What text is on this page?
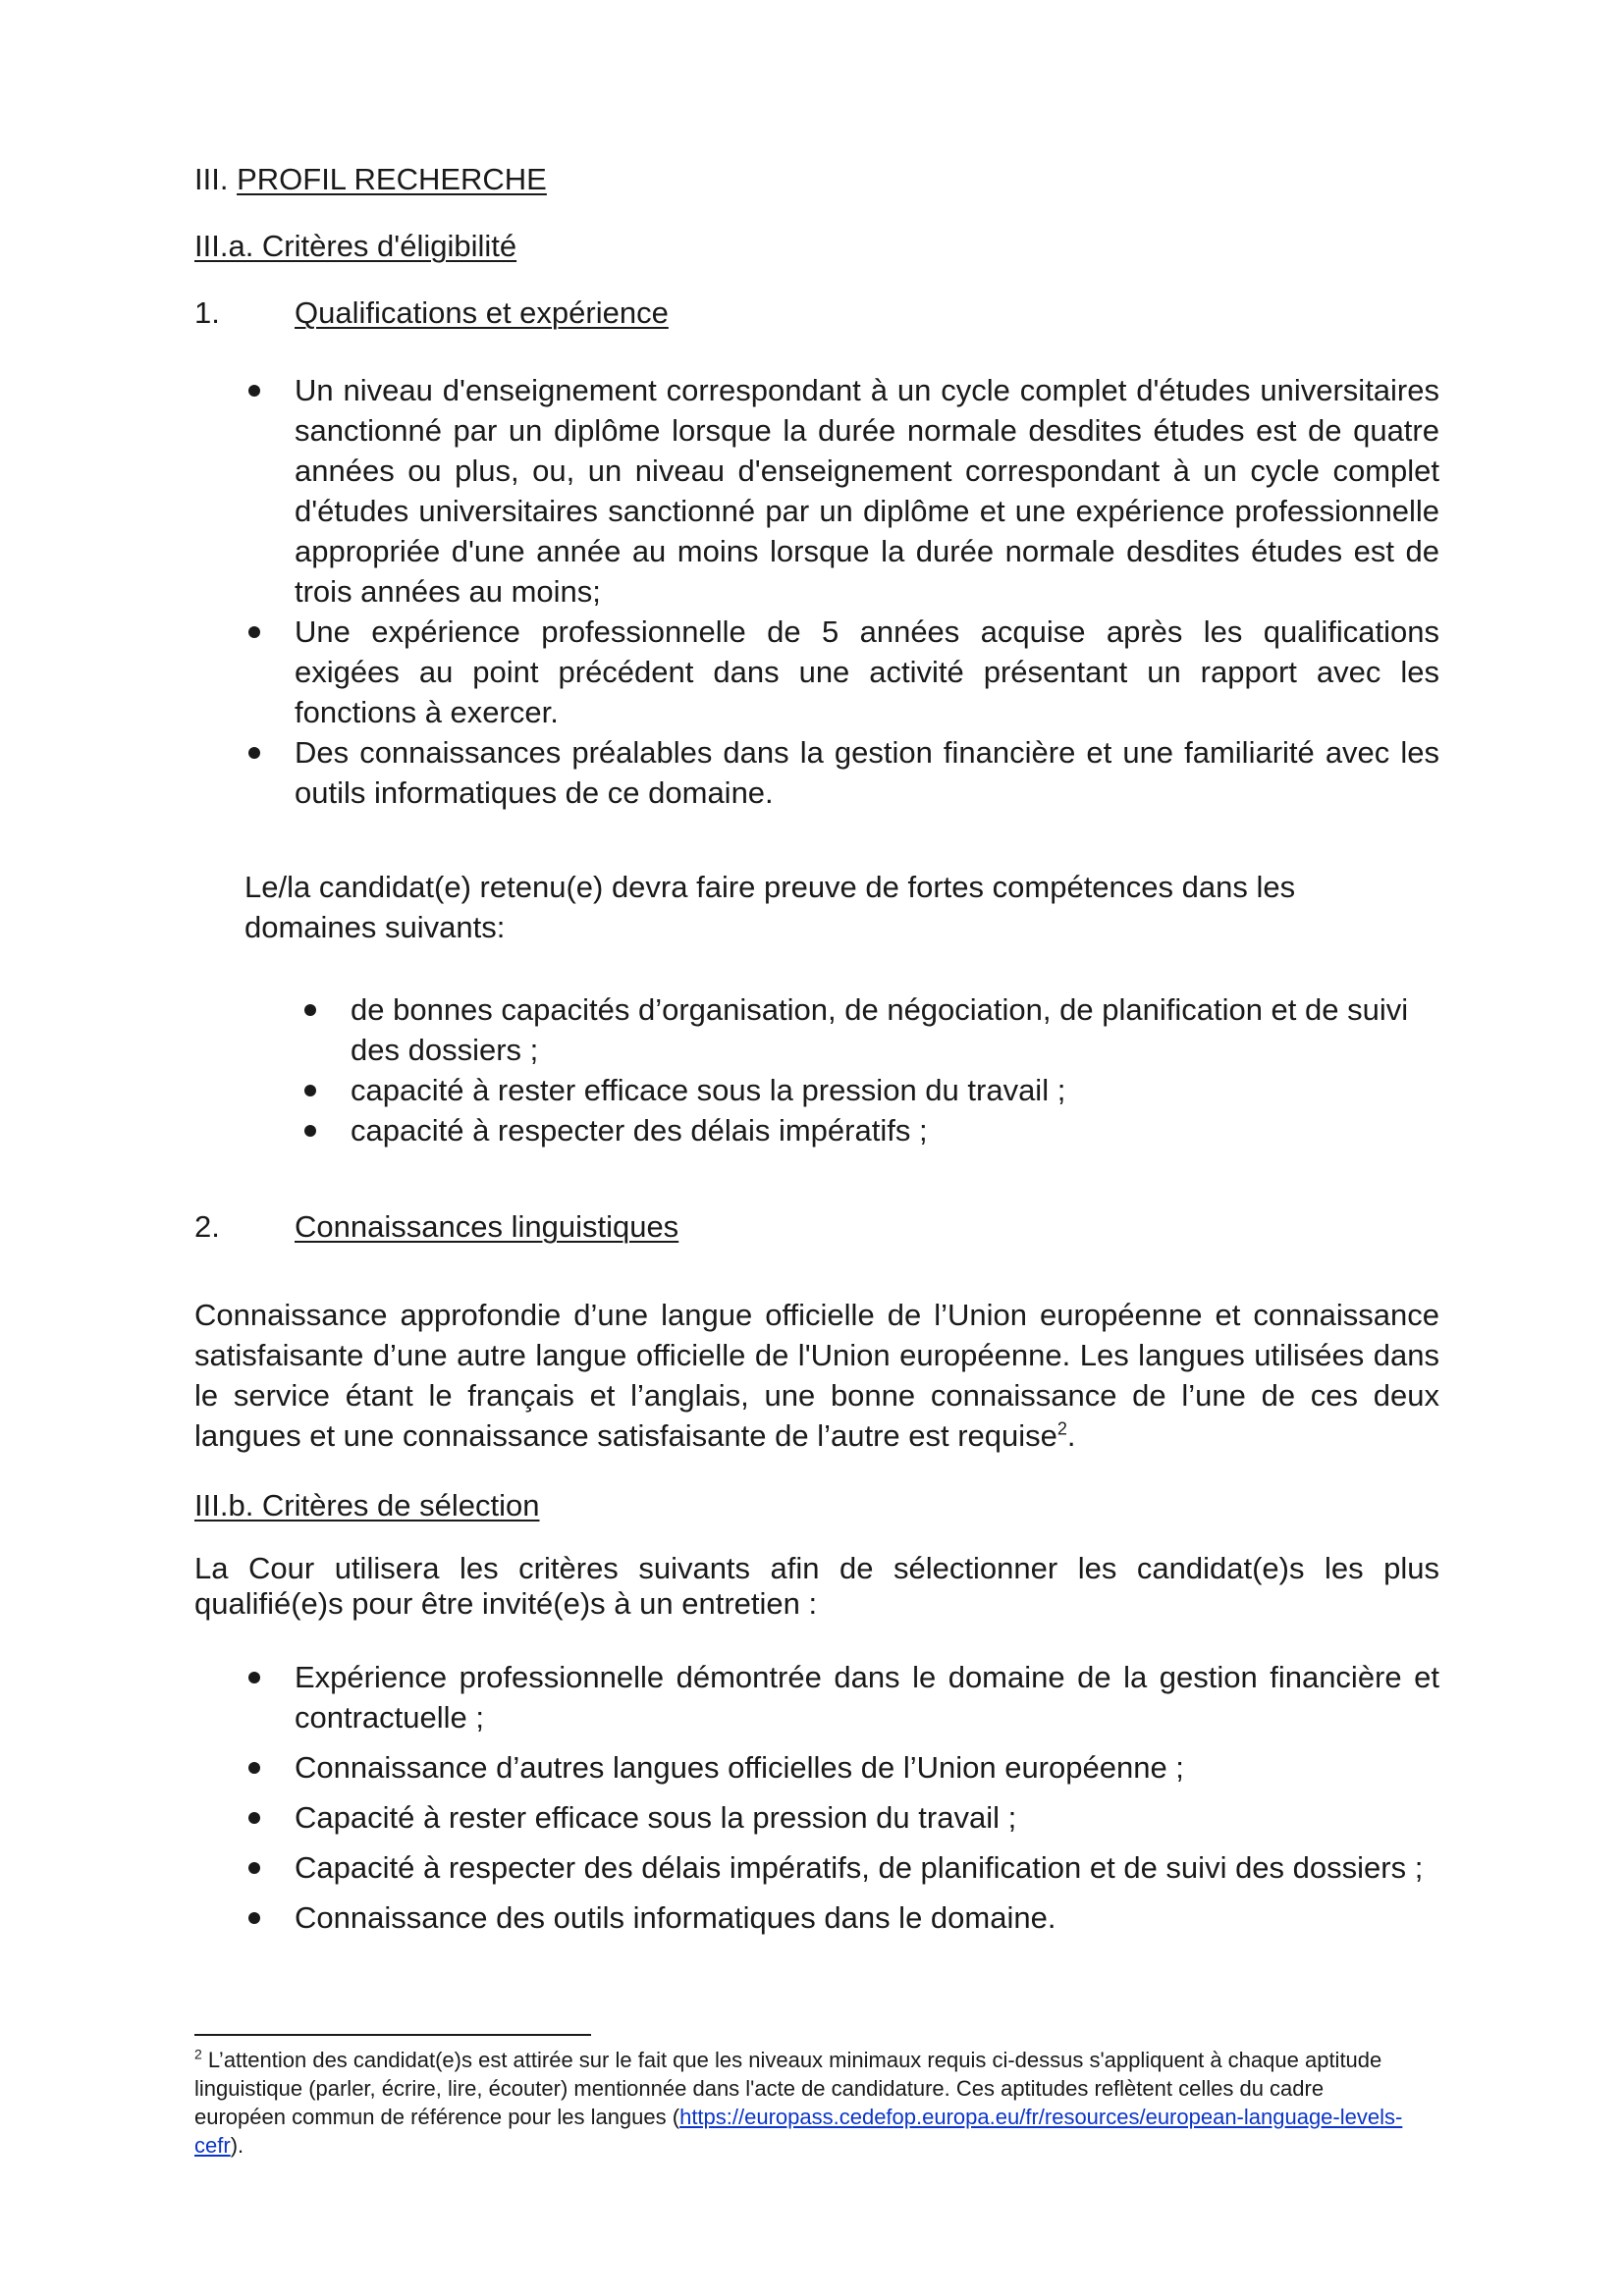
III. PROFIL RECHERCHE

III.a. Critères d'éligibilité

1. Qualifications et expérience

Un niveau d'enseignement correspondant à un cycle complet d'études universitaires sanctionné par un diplôme lorsque la durée normale desdites études est de quatre années ou plus, ou, un niveau d'enseignement correspondant à un cycle complet d'études universitaires sanctionné par un diplôme et une expérience professionnelle appropriée d'une année au moins lorsque la durée normale desdites études est de trois années au moins;
Une expérience professionnelle de 5 années acquise après les qualifications exigées au point précédent dans une activité présentant un rapport avec les fonctions à exercer.
Des connaissances préalables dans la gestion financière et une familiarité avec les outils informatiques de ce domaine.

Le/la candidat(e) retenu(e) devra faire preuve de fortes compétences dans les domaines suivants:

de bonnes capacités d’organisation, de négociation, de planification et de suivi des dossiers ;
capacité à rester efficace sous la pression du travail ;
capacité à respecter des délais impératifs ;

2. Connaissances linguistiques

Connaissance approfondie d’une langue officielle de l’Union européenne et connaissance satisfaisante d’une autre langue officielle de l'Union européenne. Les langues utilisées dans le service étant le français et l’anglais, une bonne connaissance de l’une de ces deux langues et une connaissance satisfaisante de l’autre est requise$^2$.

III.b. Critères de sélection

La Cour utilisera les critères suivants afin de sélectionner les candidat(e)s les plus qualifié(e)s pour être invité(e)s à un entretien :

Expérience professionnelle démontrée dans le domaine de la gestion financière et contractuelle ;
Connaissance d’autres langues officielles de l’Union européenne ;
Capacité à rester efficace sous la pression du travail ;
Capacité à respecter des délais impératifs, de planification et de suivi des dossiers ;
Connaissance des outils informatiques dans le domaine.

$^2$ L’attention des candidat(e)s est attirée sur le fait que les niveaux minimaux requis ci-dessus s'appliquent à chaque aptitude linguistique (parler, écrire, lire, écouter) mentionnée dans l'acte de candidature. Ces aptitudes reflètent celles du cadre européen commun de référence pour les langues (https://europass.cedefop.europa.eu/fr/resources/european-language-levels-cefr).
